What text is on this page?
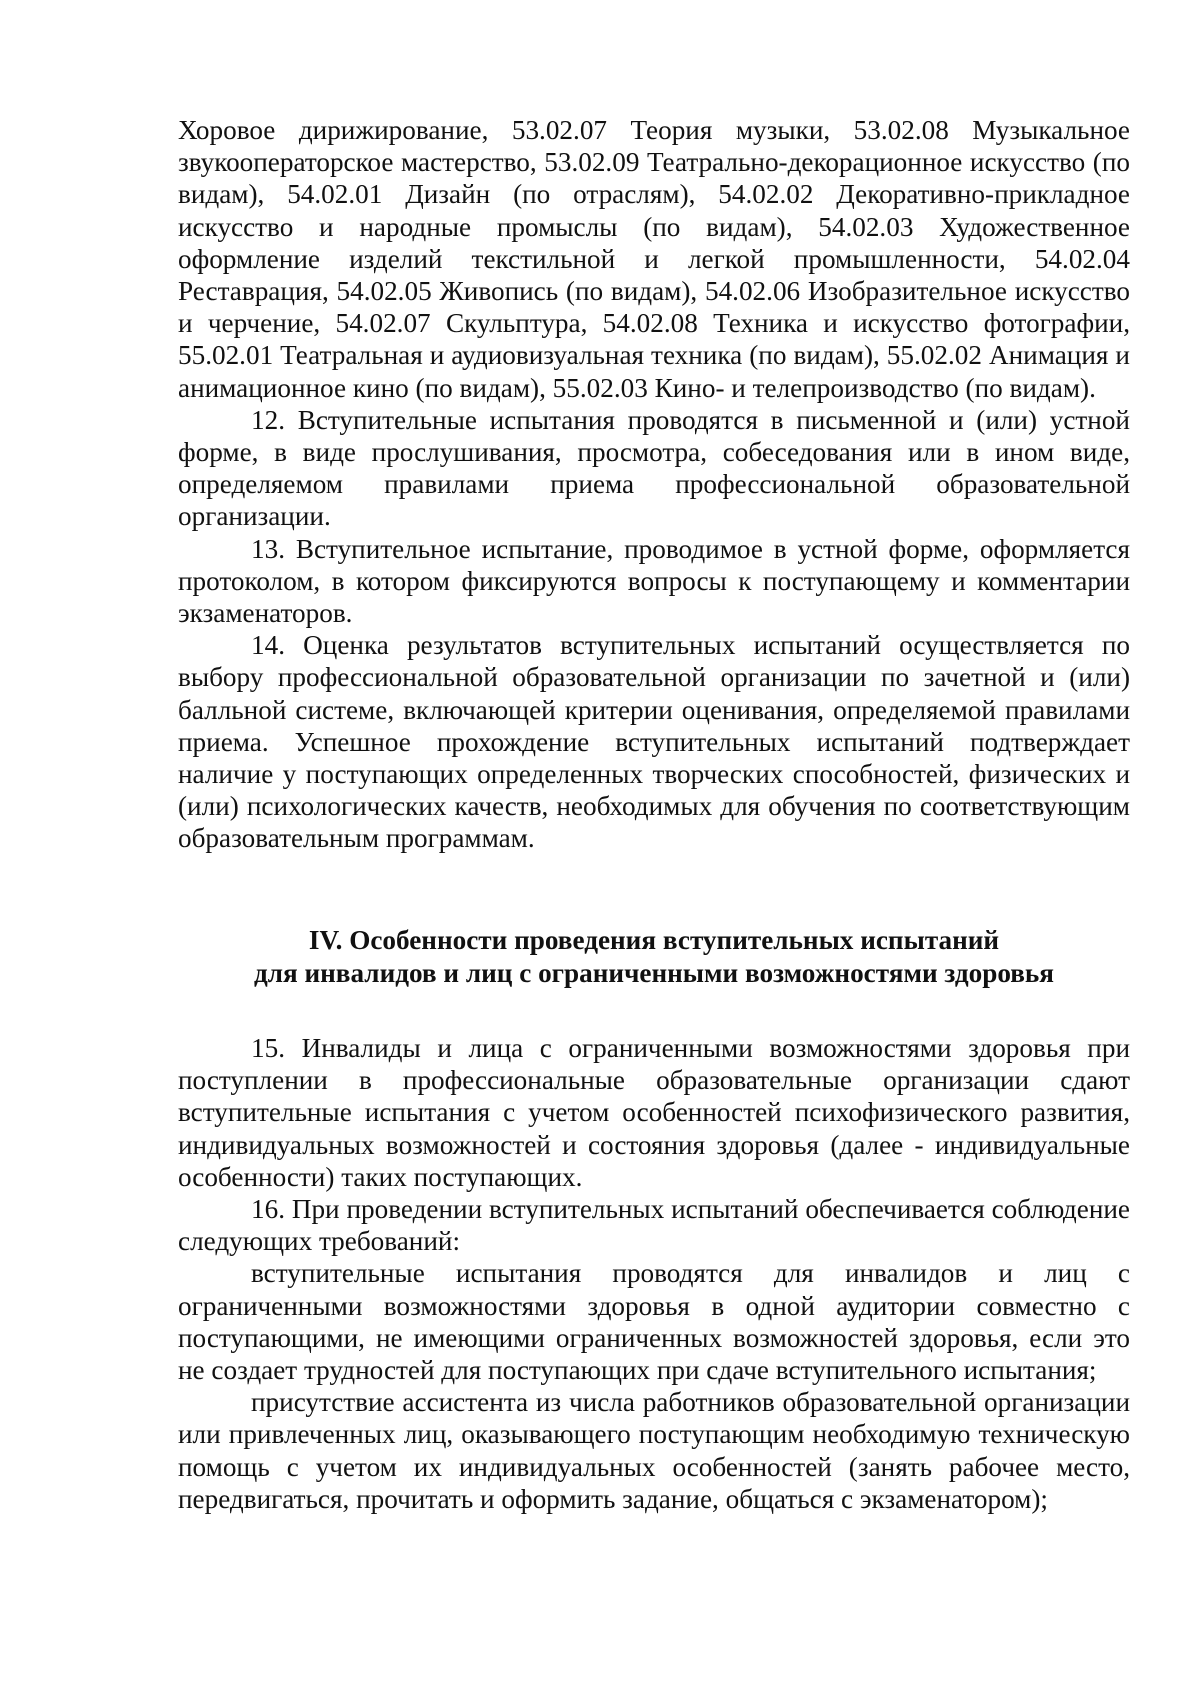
Хоровое дирижирование, 53.02.07 Теория музыки, 53.02.08 Музыкальное звукооператорское мастерство, 53.02.09 Театрально-декорационное искусство (по видам), 54.02.01 Дизайн (по отраслям), 54.02.02 Декоративно-прикладное искусство и народные промыслы (по видам), 54.02.03 Художественное оформление изделий текстильной и легкой промышленности, 54.02.04 Реставрация, 54.02.05 Живопись (по видам), 54.02.06 Изобразительное искусство и черчение, 54.02.07 Скульптура, 54.02.08 Техника и искусство фотографии, 55.02.01 Театральная и аудиовизуальная техника (по видам), 55.02.02 Анимация и анимационное кино (по видам), 55.02.03 Кино- и телепроизводство (по видам).

12. Вступительные испытания проводятся в письменной и (или) устной форме, в виде прослушивания, просмотра, собеседования или в ином виде, определяемом правилами приема профессиональной образовательной организации.

13. Вступительное испытание, проводимое в устной форме, оформляется протоколом, в котором фиксируются вопросы к поступающему и комментарии экзаменаторов.

14. Оценка результатов вступительных испытаний осуществляется по выбору профессиональной образовательной организации по зачетной и (или) балльной системе, включающей критерии оценивания, определяемой правилами приема. Успешное прохождение вступительных испытаний подтверждает наличие у поступающих определенных творческих способностей, физических и (или) психологических качеств, необходимых для обучения по соответствующим образовательным программам.

IV. Особенности проведения вступительных испытаний
для инвалидов и лиц с ограниченными возможностями здоровья

15. Инвалиды и лица с ограниченными возможностями здоровья при поступлении в профессиональные образовательные организации сдают вступительные испытания с учетом особенностей психофизического развития, индивидуальных возможностей и состояния здоровья (далее - индивидуальные особенности) таких поступающих.

16. При проведении вступительных испытаний обеспечивается соблюдение следующих требований:

вступительные испытания проводятся для инвалидов и лиц с ограниченными возможностями здоровья в одной аудитории совместно с поступающими, не имеющими ограниченных возможностей здоровья, если это не создает трудностей для поступающих при сдаче вступительного испытания;

присутствие ассистента из числа работников образовательной организации или привлеченных лиц, оказывающего поступающим необходимую техническую помощь с учетом их индивидуальных особенностей (занять рабочее место, передвигаться, прочитать и оформить задание, общаться с экзаменатором);
